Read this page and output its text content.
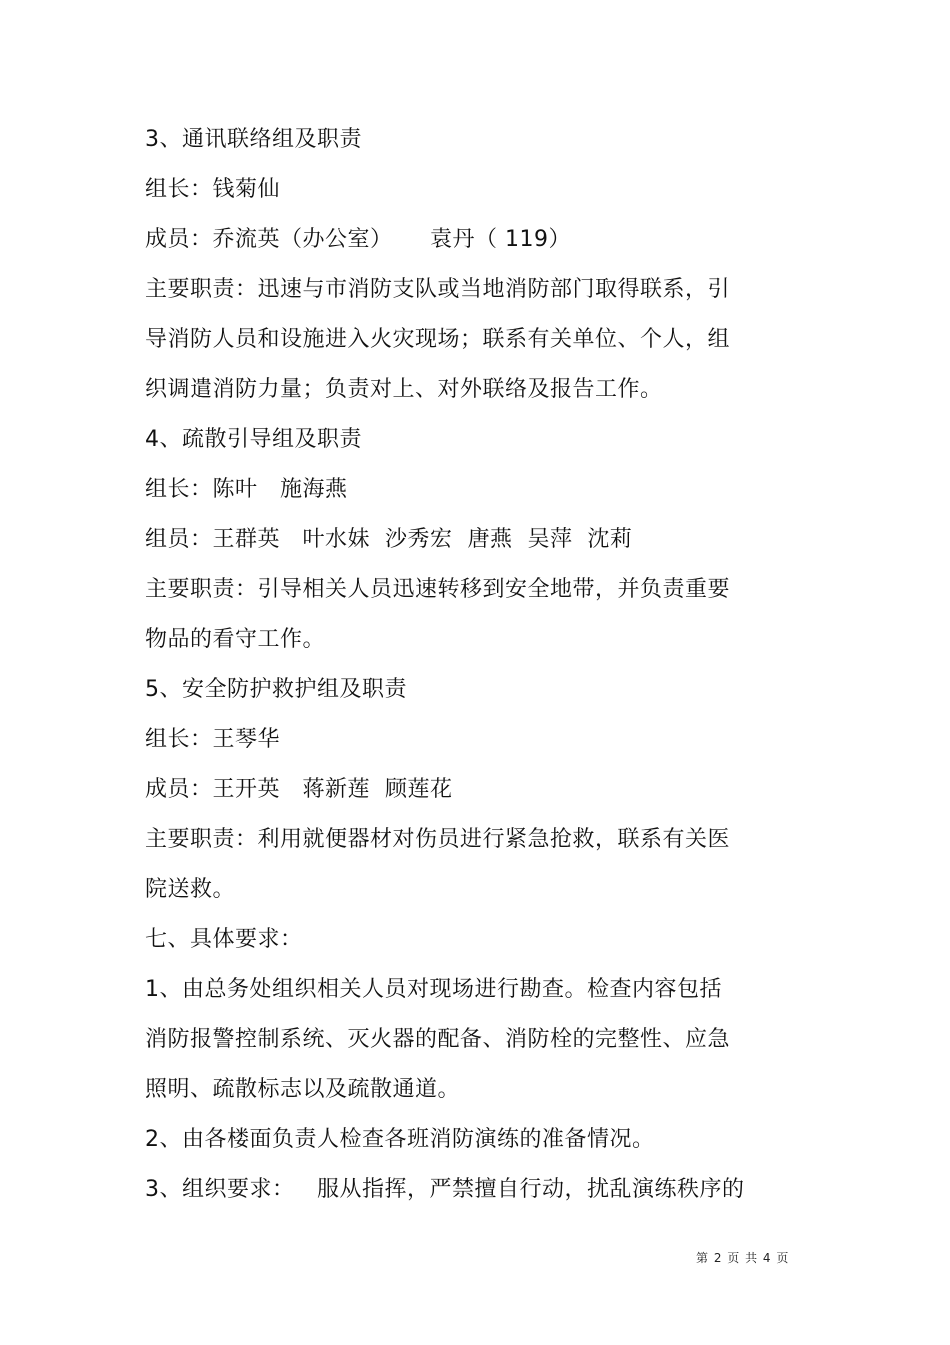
3、通讯联络组及职责
组长：钱菊仙
成员：乔流英（办公室）     袁丹（ 119）
主要职责：迅速与市消防支队或当地消防部门取得联系，引
导消防人员和设施进入火灾现场；联系有关单位、个人，组
织调遣消防力量；负责对上、对外联络及报告工作。
4、疏散引导组及职责
组长：陈叶   施海燕
组员：王群英   叶水妹  沙秀宏  唐燕  吴萍  沈莉
主要职责：引导相关人员迅速转移到安全地带，并负责重要
物品的看守工作。
5、安全防护救护组及职责
组长：王琴华
成员：王开英   蒋新莲  顾莲花
主要职责：利用就便器材对伤员进行紧急抢救，联系有关医
院送救。
七、具体要求：
1、由总务处组织相关人员对现场进行勘查。检查内容包括
消防报警控制系统、灭火器的配备、消防栓的完整性、应急
照明、疏散标志以及疏散通道。
2、由各楼面负责人检查各班消防演练的准备情况。
3、组织要求：   服从指挥，严禁擅自行动，扰乱演练秩序的
第 2 页 共 4 页
